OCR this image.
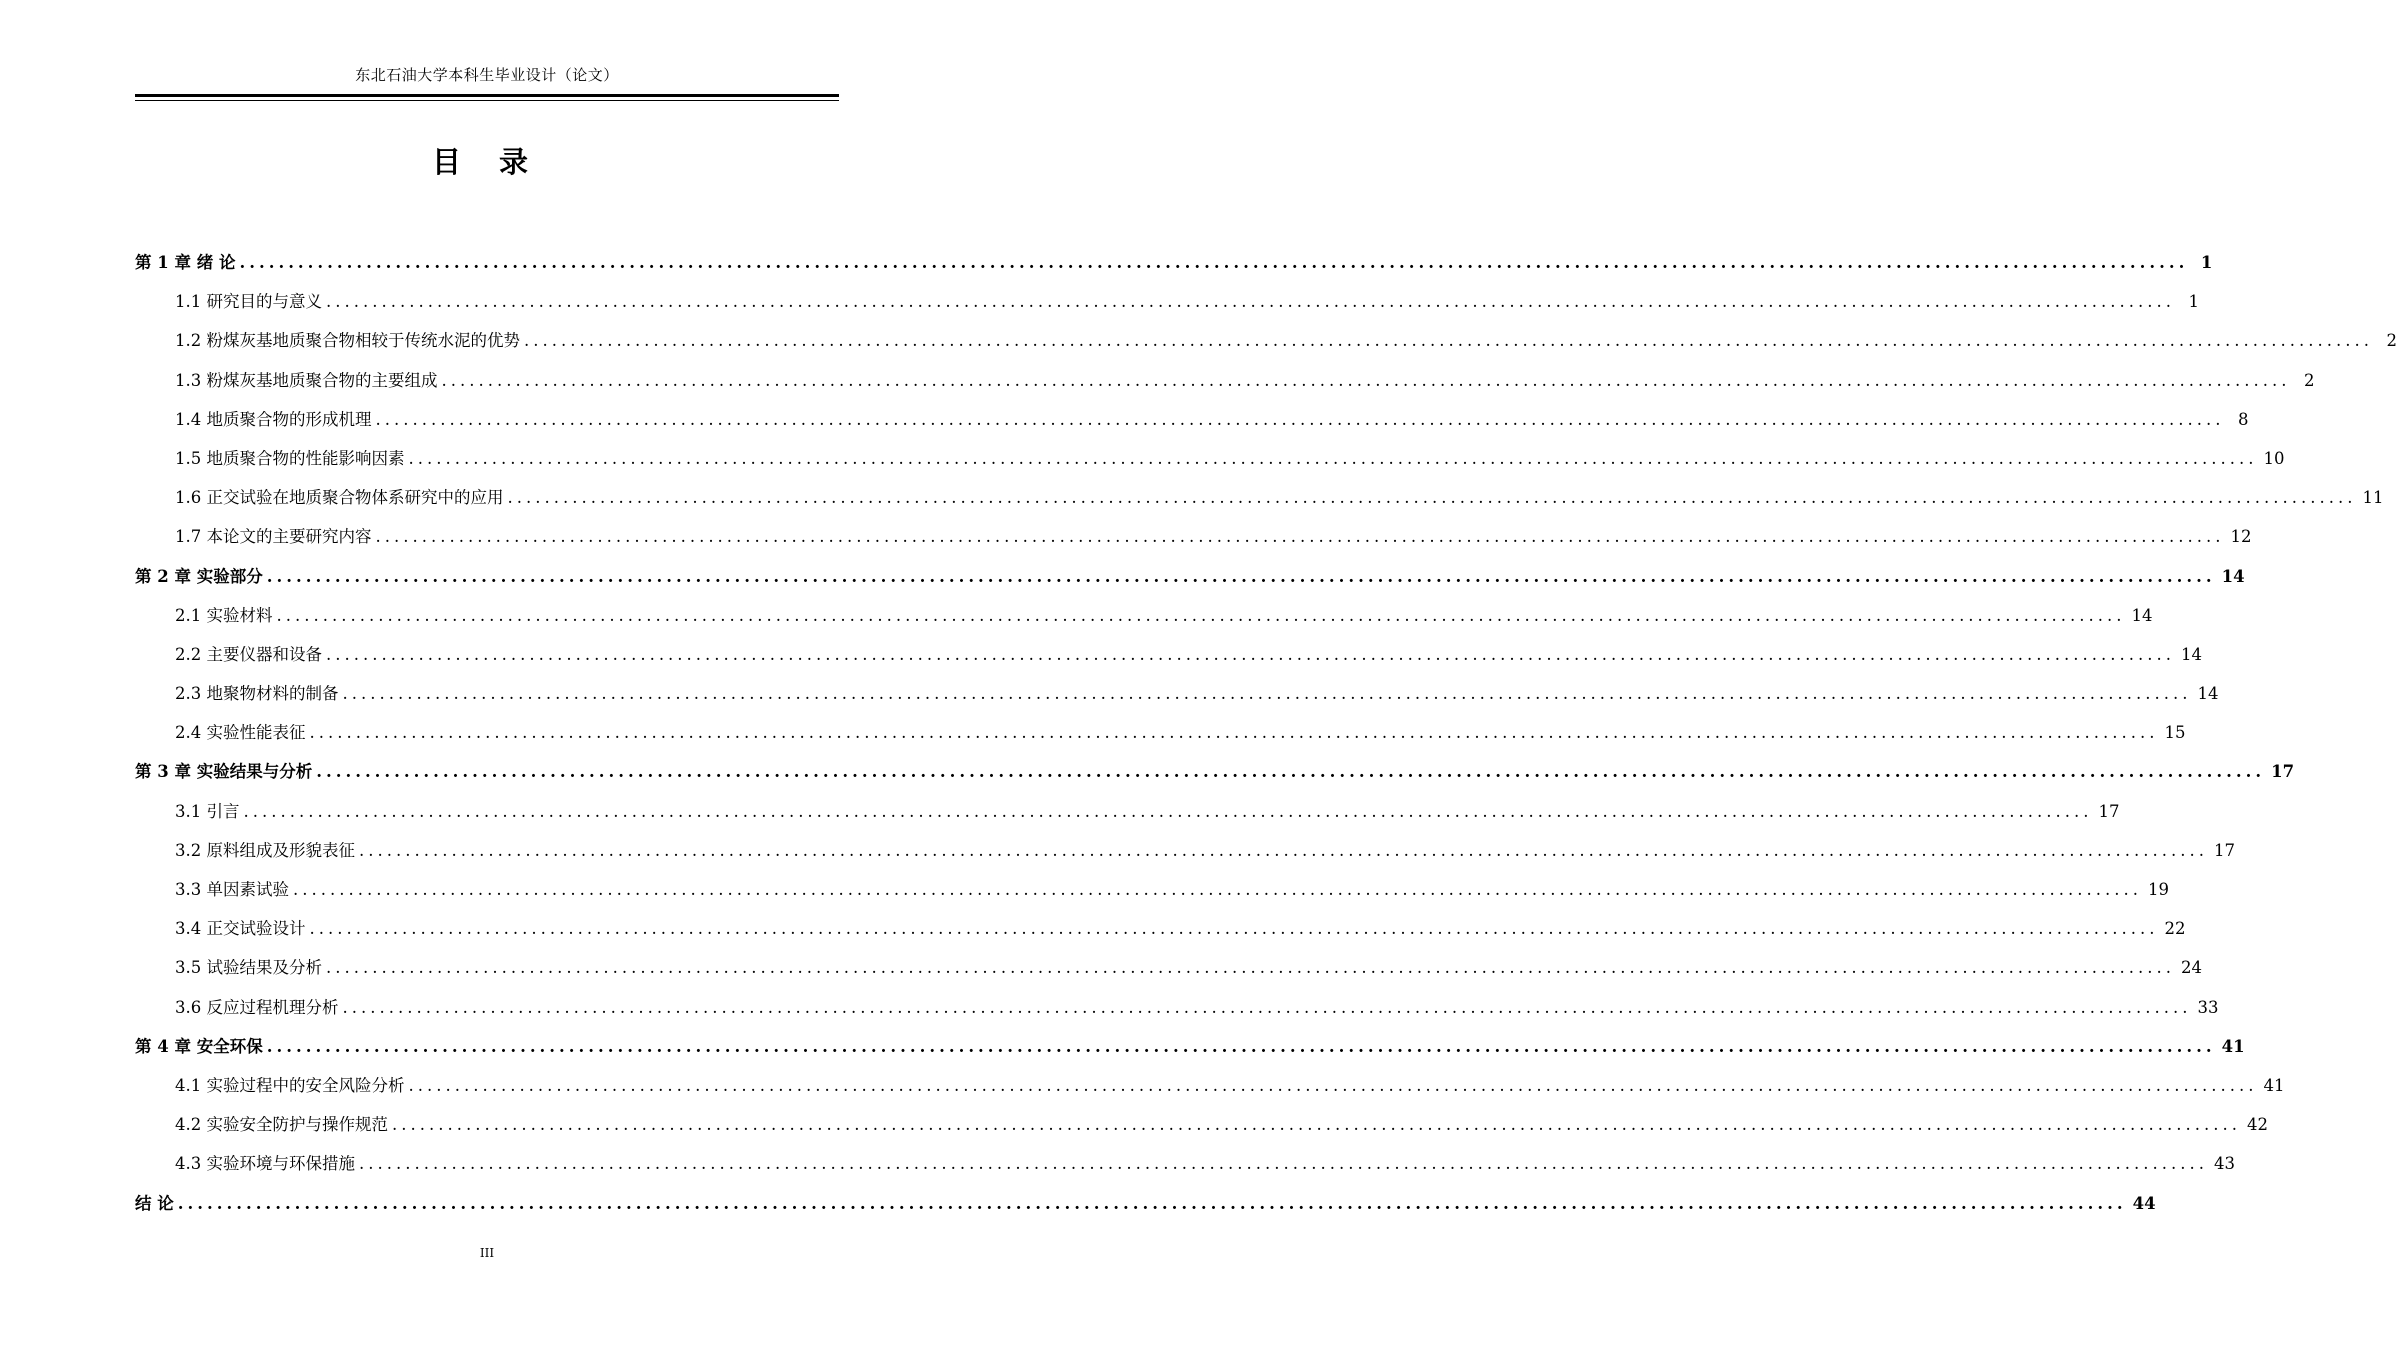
东北石油大学本科生毕业设计（论文）
目 录
第 1 章 绪 论 ........................................................................................................................................................................................................ 1
1.1 研究目的与意义 ........................................................................................................................................................................................................ 1
1.2 粉煤灰基地质聚合物相较于传统水泥的优势 ........................................................................................................................................................................................................ 2
1.3 粉煤灰基地质聚合物的主要组成 ........................................................................................................................................................................................................ 2
1.4 地质聚合物的形成机理 ........................................................................................................................................................................................................ 8
1.5 地质聚合物的性能影响因素 ........................................................................................................................................................................................................ 10
1.6 正交试验在地质聚合物体系研究中的应用 ........................................................................................................................................................................................................ 11
1.7 本论文的主要研究内容 ........................................................................................................................................................................................................ 12
第 2 章 实验部分 ........................................................................................................................................................................................................ 14
2.1 实验材料 ........................................................................................................................................................................................................ 14
2.2 主要仪器和设备 ........................................................................................................................................................................................................ 14
2.3 地聚物材料的制备 ........................................................................................................................................................................................................ 14
2.4 实验性能表征 ........................................................................................................................................................................................................ 15
第 3 章 实验结果与分析 ........................................................................................................................................................................................................ 17
3.1 引言 ........................................................................................................................................................................................................ 17
3.2 原料组成及形貌表征 ........................................................................................................................................................................................................ 17
3.3 单因素试验 ........................................................................................................................................................................................................ 19
3.4 正交试验设计 ........................................................................................................................................................................................................ 22
3.5 试验结果及分析 ........................................................................................................................................................................................................ 24
3.6 反应过程机理分析 ........................................................................................................................................................................................................ 33
第 4 章 安全环保 ........................................................................................................................................................................................................ 41
4.1 实验过程中的安全风险分析 ........................................................................................................................................................................................................ 41
4.2 实验安全防护与操作规范 ........................................................................................................................................................................................................ 42
4.3 实验环境与环保措施 ........................................................................................................................................................................................................ 43
结 论 ........................................................................................................................................................................................................ 44
III
